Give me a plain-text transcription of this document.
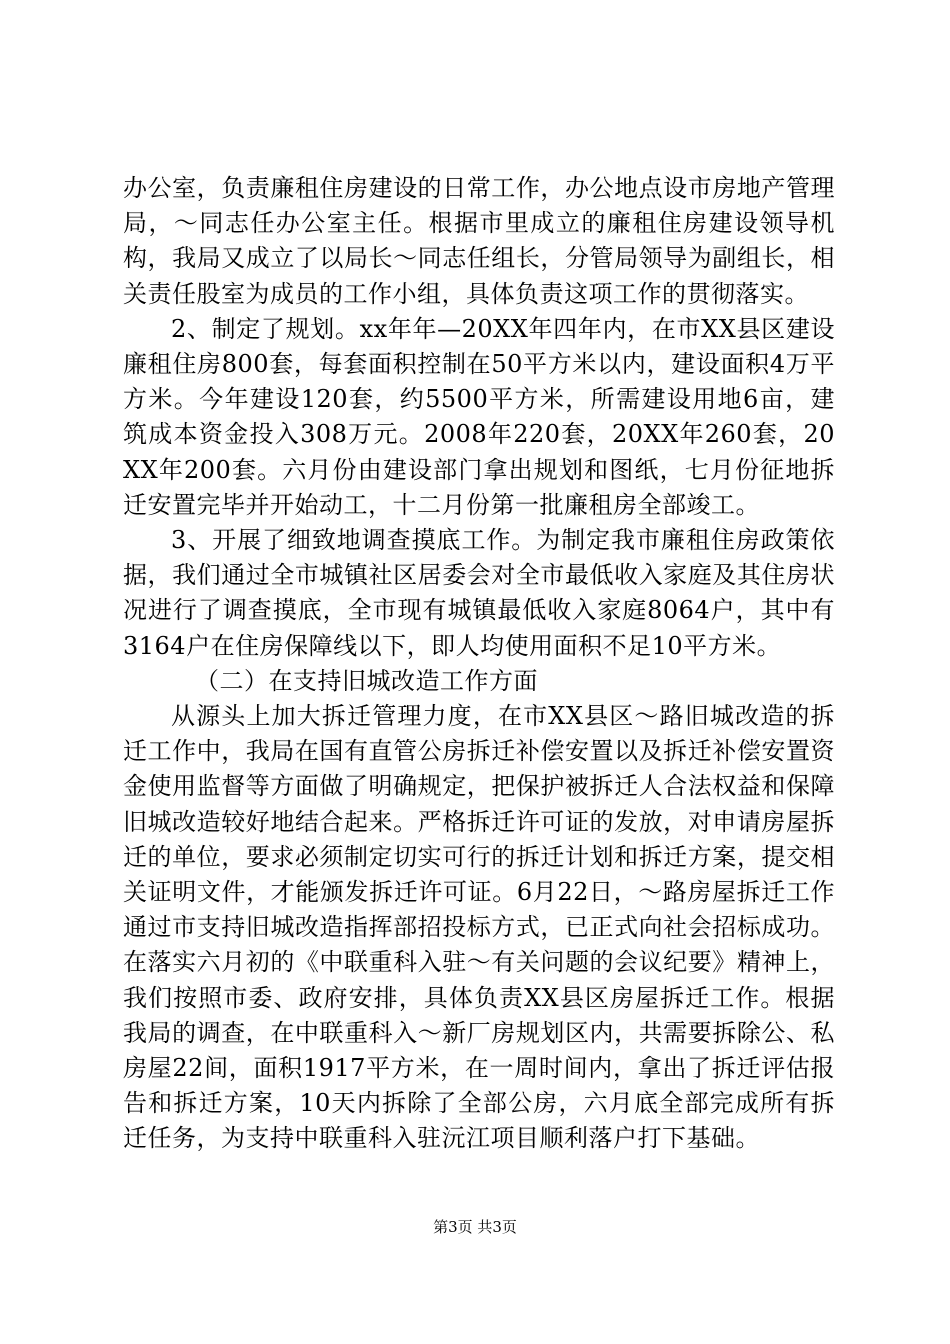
办公室，负责廉租住房建设的日常工作，办公地点设市房地产管理局，～同志任办公室主任。根据市里成立的廉租住房建设领导机构，我局又成立了以局长～同志任组长，分管局领导为副组长，相关责任股室为成员的工作小组，具体负责这项工作的贯彻落实。

2、制定了规划。xx年年—20XX年四年内，在市XX县区建设廉租住房800套，每套面积控制在50平方米以内，建设面积4万平方米。今年建设120套，约5500平方米，所需建设用地6亩，建筑成本资金投入308万元。2008年220套，20XX年260套，20XX年200套。六月份由建设部门拿出规划和图纸，七月份征地拆迁安置完毕并开始动工，十二月份第一批廉租房全部竣工。

3、开展了细致地调查摸底工作。为制定我市廉租住房政策依据，我们通过全市城镇社区居委会对全市最低收入家庭及其住房状况进行了调查摸底，全市现有城镇最低收入家庭8064户，其中有3164户在住房保障线以下，即人均使用面积不足10平方米。

（二）在支持旧城改造工作方面

从源头上加大拆迁管理力度，在市XX县区～路旧城改造的拆迁工作中，我局在国有直管公房拆迁补偿安置以及拆迁补偿安置资金使用监督等方面做了明确规定，把保护被拆迁人合法权益和保障旧城改造较好地结合起来。严格拆迁许可证的发放，对申请房屋拆迁的单位，要求必须制定切实可行的拆迁计划和拆迁方案，提交相关证明文件，才能颁发拆迁许可证。6月22日，～路房屋拆迁工作通过市支持旧城改造指挥部招投标方式，已正式向社会招标成功。在落实六月初的《中联重科入驻～有关问题的会议纪要》精神上，我们按照市委、政府安排，具体负责XX县区房屋拆迁工作。根据我局的调查，在中联重科入～新厂房规划区内，共需要拆除公、私房屋22间，面积1917平方米，在一周时间内，拿出了拆迁评估报告和拆迁方案，10天内拆除了全部公房，六月底全部完成所有拆迁任务，为支持中联重科入驻沅江项目顺利落户打下基础。

第3页 共3页
